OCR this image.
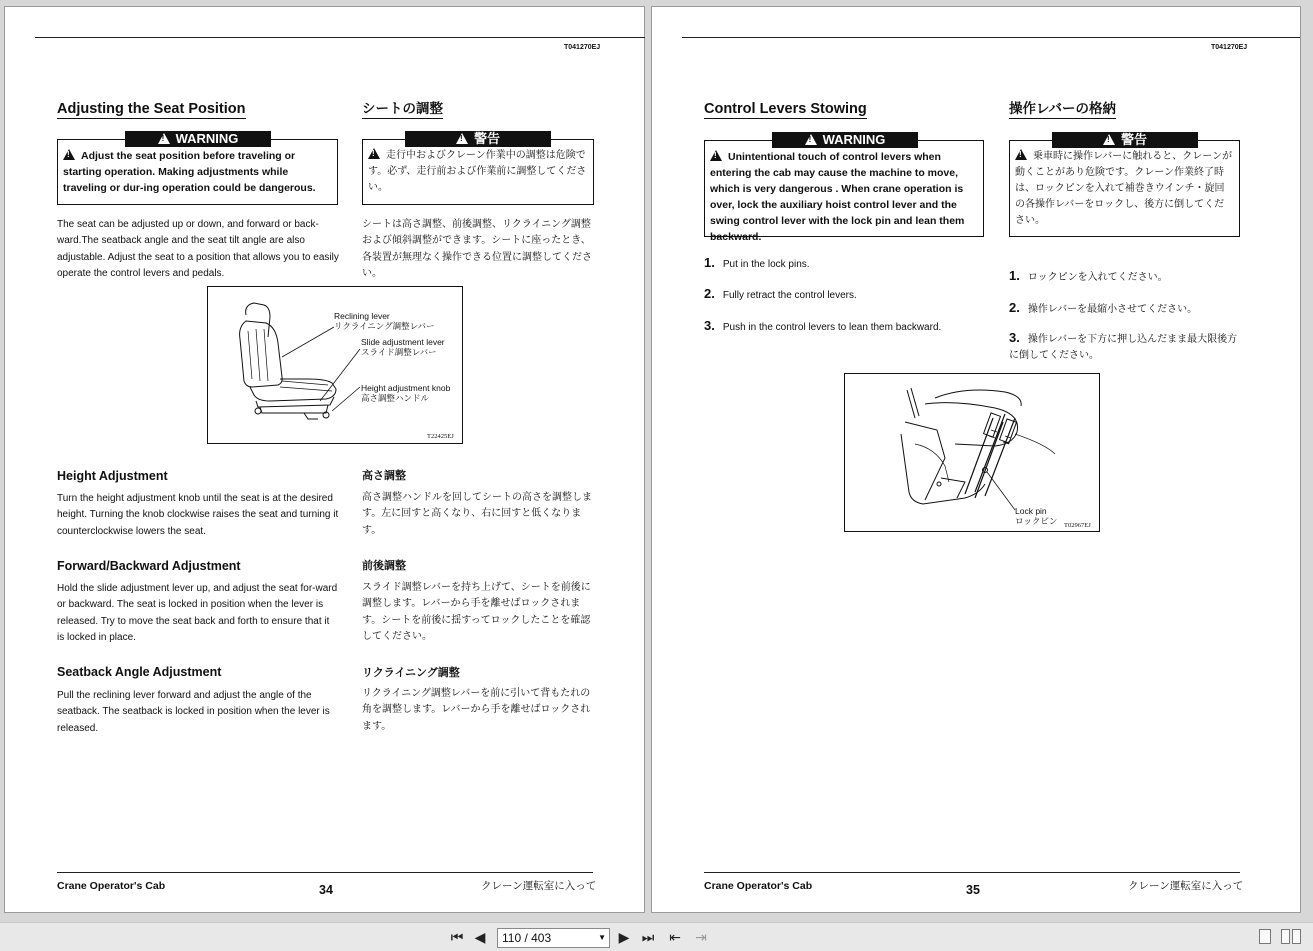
T041270EJ
Adjusting the Seat Position	シートの調整
!WARNING
!Adjust the seat position before traveling or starting operation. Making adjustments while traveling or dur-ing operation could be dangerous.
!警告
!走行中およびクレーン作業中の調整は危険です。必ず、走行前および作業前に調整してください。
The seat can be adjusted up or down, and forward or back-ward.The seatback angle and the seat tilt angle are also adjustable. Adjust the seat to a position that allows you to easily operate the control levers and pedals.
シートは高さ調整、前後調整、リクライニング調整および傾斜調整ができます。シートに座ったとき、各装置が無理なく操作できる位置に調整してください。
Reclining lever
リクライニング調整レバー
Slide adjustment lever
スライド調整レバー
Height adjustment knob
高さ調整ハンドル
T22425EJ
Height Adjustment	高さ調整
Turn the height adjustment knob until the seat is at the desired height. Turning the knob clockwise raises the seat and turning it counterclockwise lowers the seat.
高さ調整ハンドルを回してシートの高さを調整します。左に回すと高くなり、右に回すと低くなります。
Forward/Backward Adjustment	前後調整
Hold the slide adjustment lever up, and adjust the seat for-ward or backward. The seat is locked in position when the lever is released. Try to move the seat back and forth to ensure that it is locked in place.
スライド調整レバーを持ち上げて、シートを前後に調整します。レバーから手を離せばロックされます。シートを前後に揺すってロックしたことを確認してください。
Seatback Angle Adjustment	リクライニング調整
Pull the reclining lever forward and adjust the angle of the seatback. The seatback is locked in position when the lever is released.
リクライニング調整レバーを前に引いて背もたれの角を調整します。レバーから手を離せばロックされます。
Crane Operator's Cab	34	クレーン運転室に入って
T041270EJ
Control Levers Stowing	操作レバーの格納
!WARNING
!Unintentional touch of control levers when entering the cab may cause the machine to move, which is very dangerous . When crane operation is over, lock the auxiliary hoist control lever and the swing control lever with the lock pin and lean them backward.
!警告
!乗車時に操作レバーに触れると、クレーンが動くことがあり危険です。クレーン作業終了時は、ロックピンを入れて補巻きウインチ・旋回の各操作レバーをロックし、後方に倒してください。
1. Put in the lock pins.
2. Fully retract the control levers.
3. Push in the control levers to lean them backward.
1. ロックピンを入れてください。
2. 操作レバーを最縮小させてください。
3. 操作レバーを下方に押し込んだまま最大限後方に倒してください。
Lock pin
ロックピン T02967EJ
Crane Operator's Cab	35	クレーン運転室に入って
⏮ ◀	110 / 403	▼ ▶ ⏭ ⇤ ⇥
